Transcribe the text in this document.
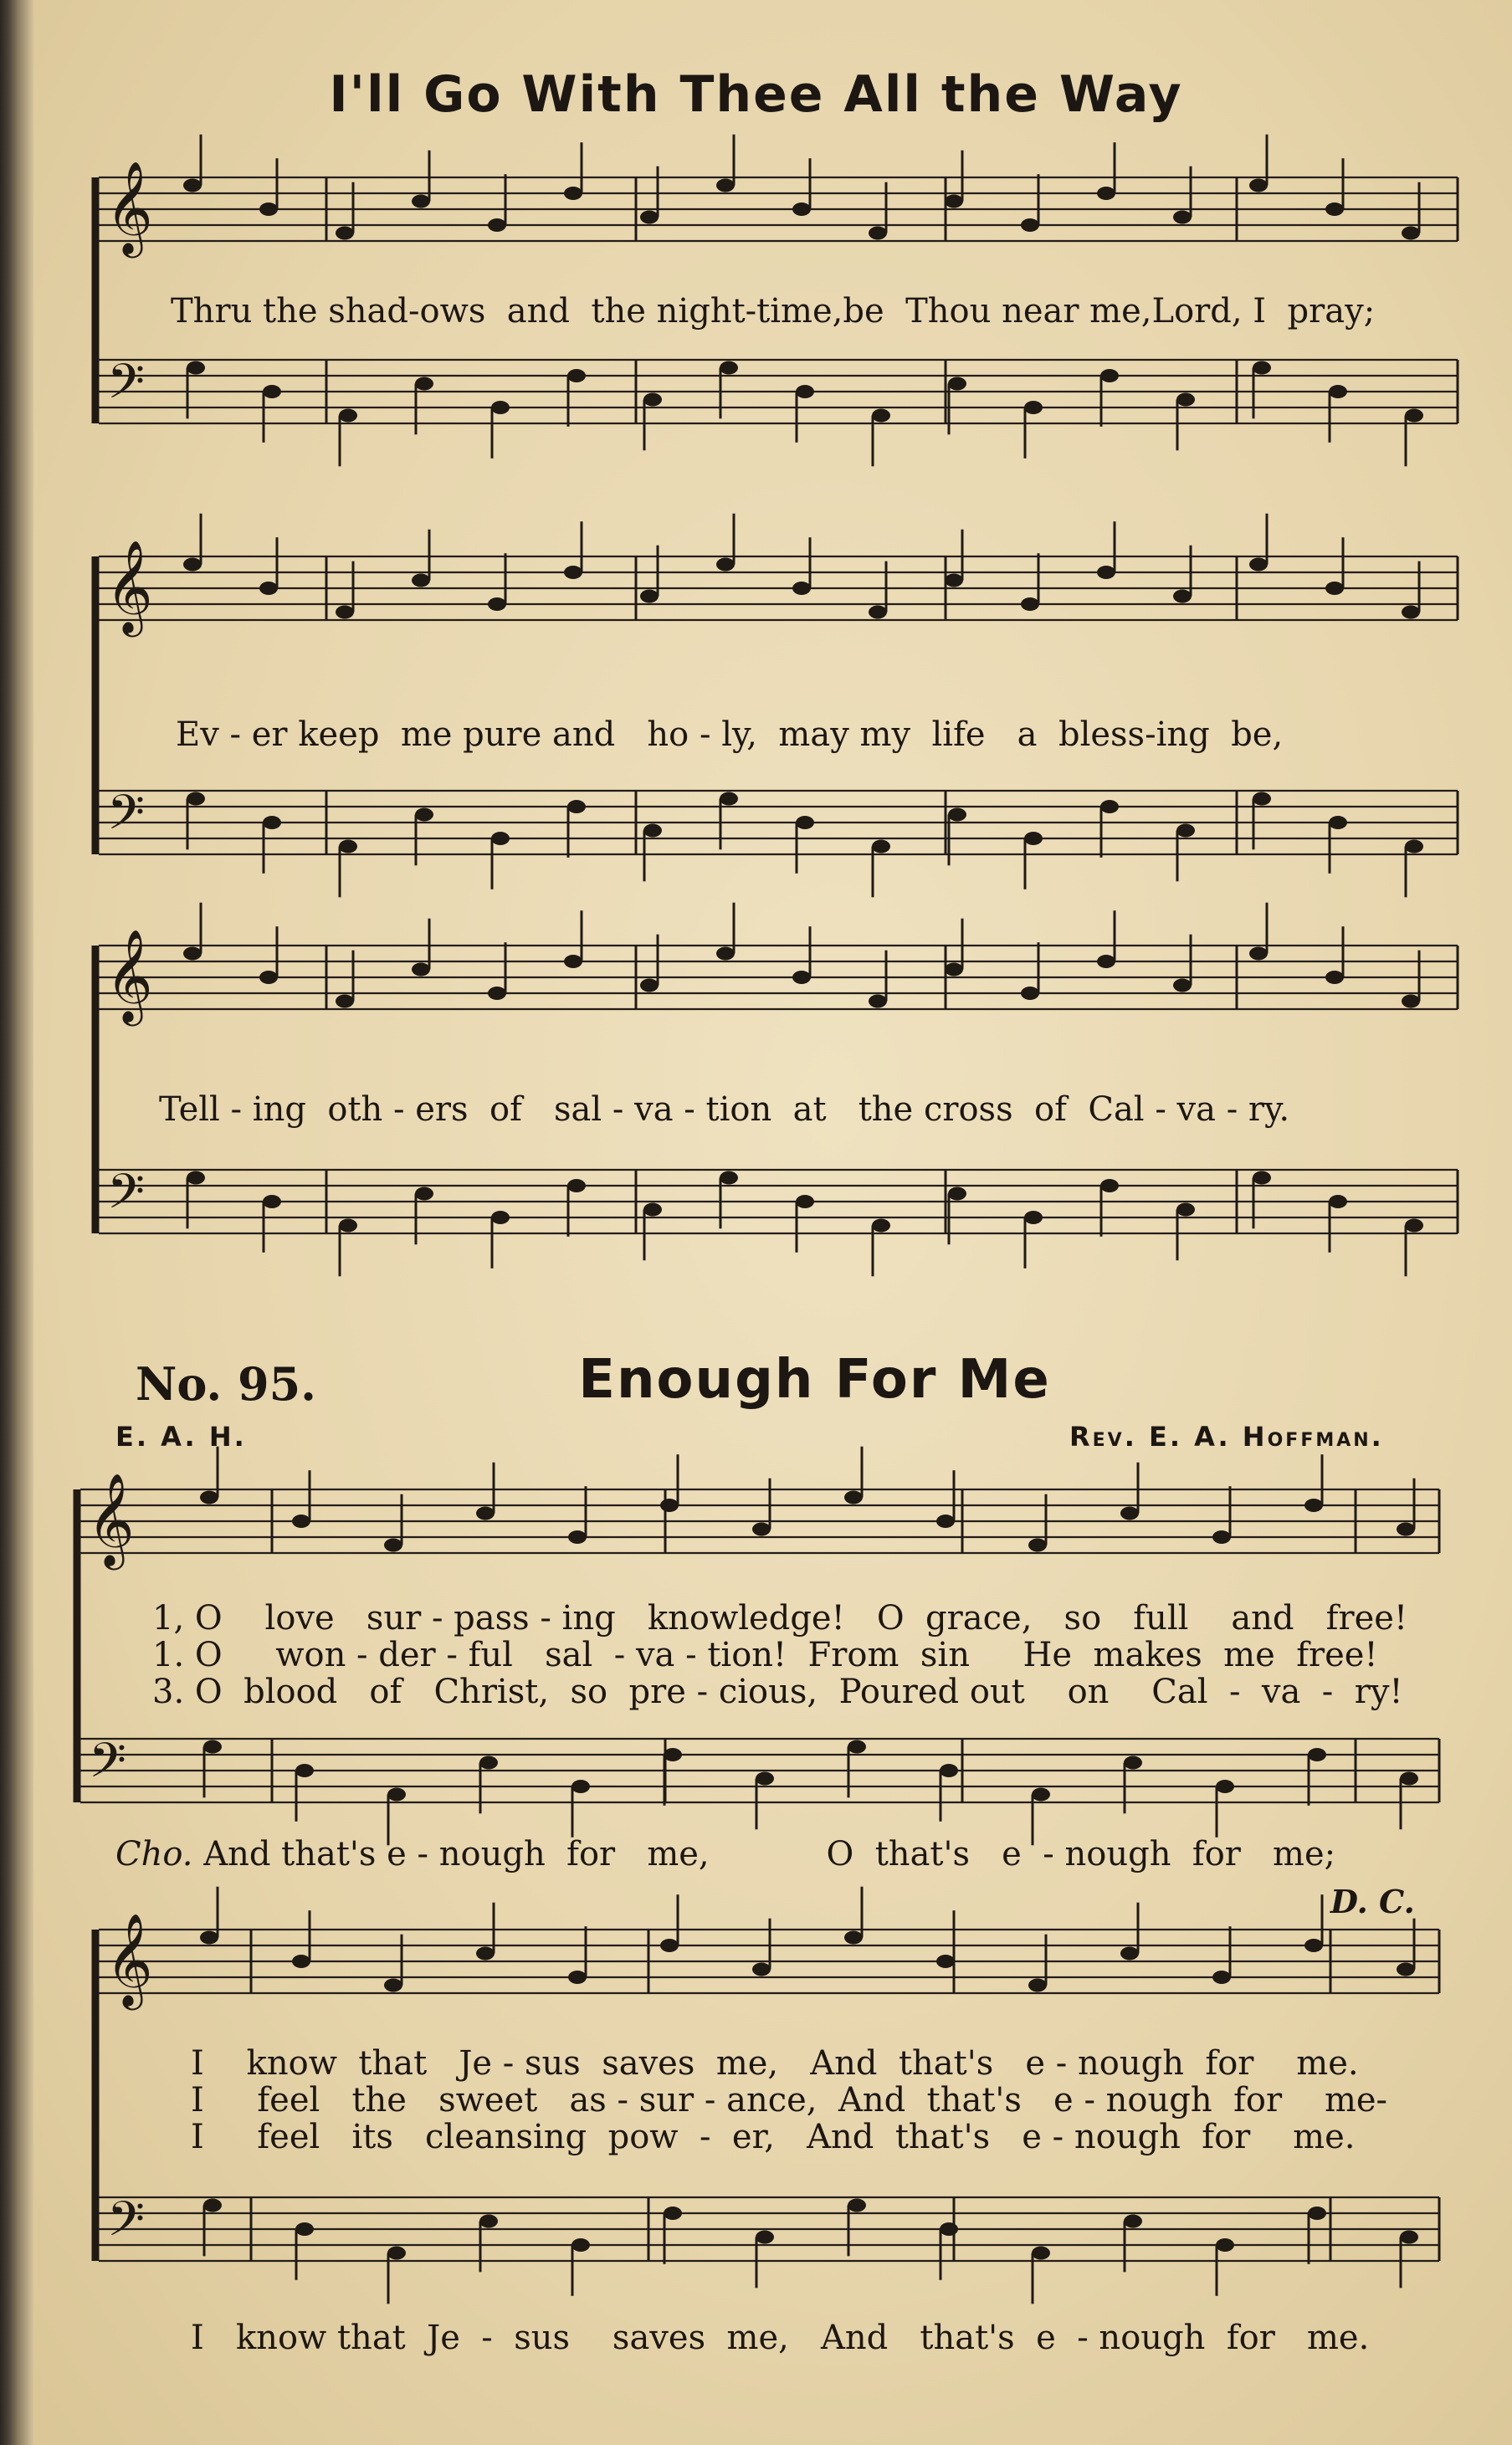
𝄞
𝄢
𝄞
𝄢
𝄞
𝄢
𝄞
𝄢
𝄞
𝄢
I'll Go With Thee All the Way
Thru the shad-ows  and  the night-time,be  Thou near me,Lord, I  pray;
Ev - er keep  me pure and   ho - ly,  may my  life   a  bless-ing  be,
Tell - ing  oth - ers  of   sal - va - tion  at   the cross  of  Cal - va - ry.
No. 95.	Enough For Me
E. A. H.	Rev. E. A. Hoffman.
1, O    love   sur - pass - ing   knowledge!   O  grace,   so   full    and   free!
1. O     won - der - ful   sal  - va - tion!  From  sin     He  makes  me  free!
3. O  blood   of   Christ,  so  pre - cious,  Poured out    on    Cal  -  va  -  ry!
Cho. And that's e - nough  for   me,           O  that's   e  - nough  for   me;
D. C.
I    know  that   Je - sus  saves  me,   And  that's   e - nough  for    me.
I     feel   the   sweet   as - sur - ance,  And  that's   e - nough  for    me-
I     feel   its   cleansing  pow  -  er,   And  that's   e - nough  for    me.
I   know that  Je  -  sus    saves  me,   And   that's  e  - nough  for   me.
